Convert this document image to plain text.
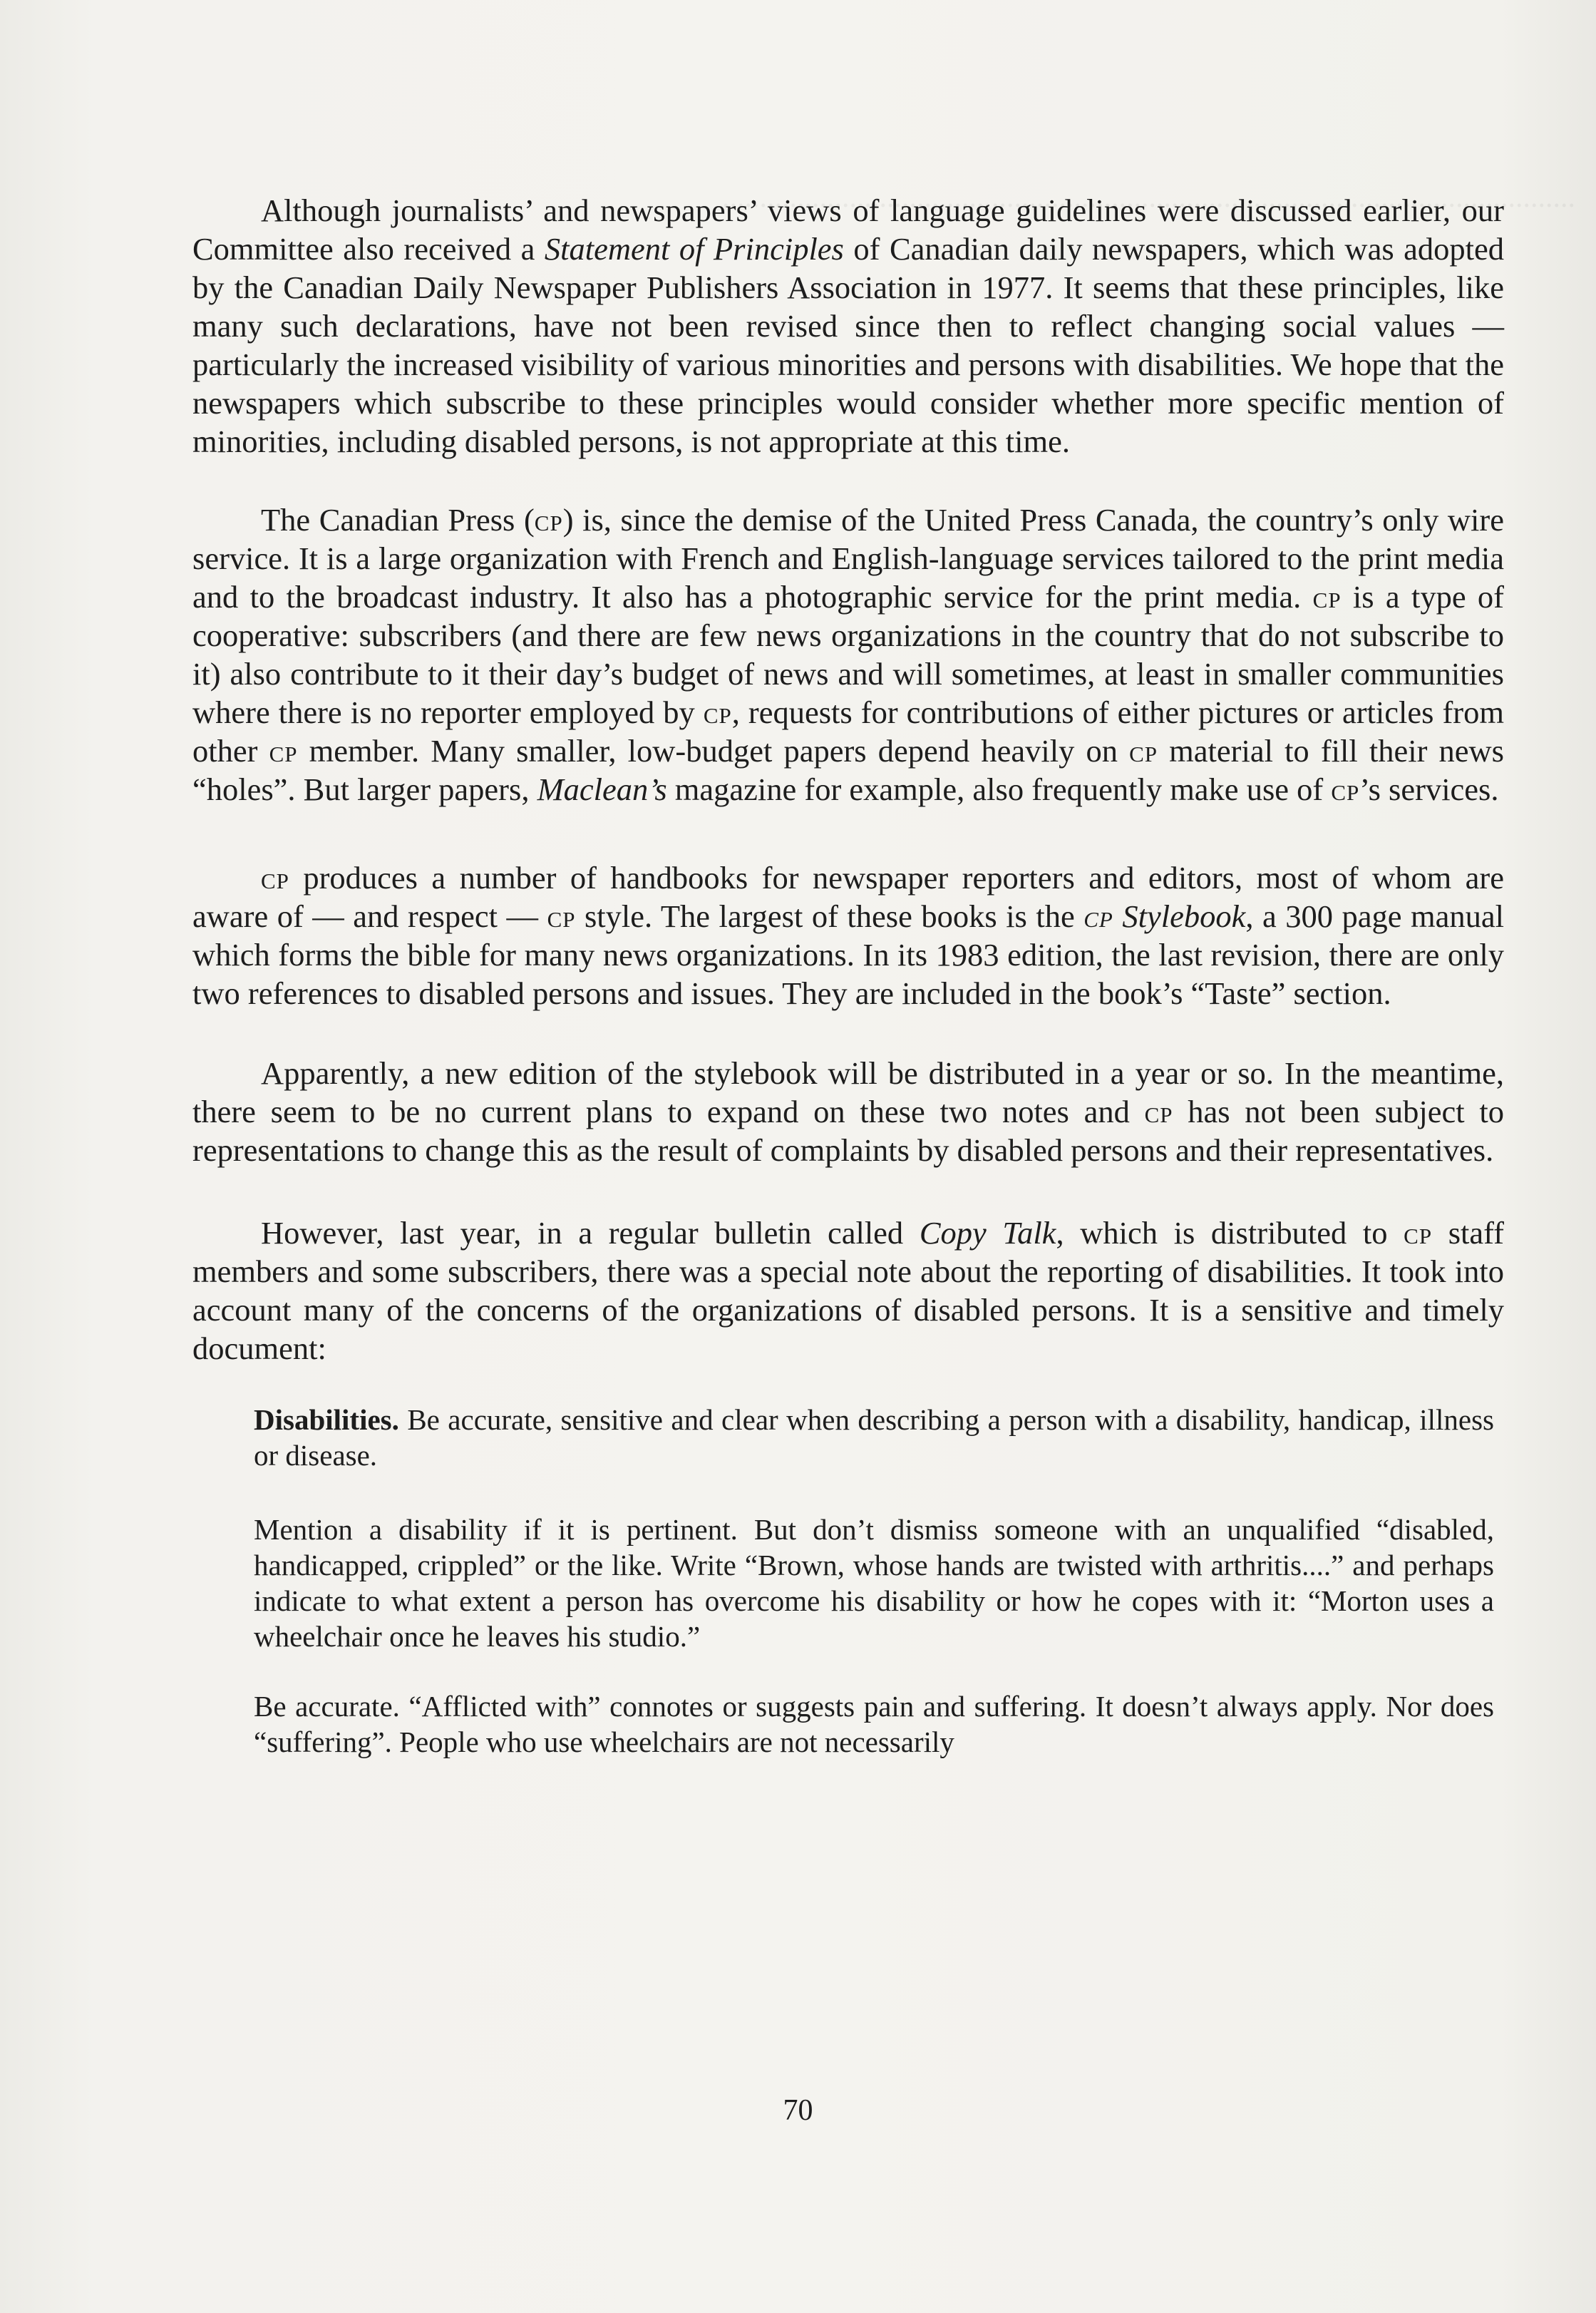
Although journalists’ and newspapers’ views of language guidelines were discussed earlier, our Committee also received a Statement of Principles of Canadian daily newspapers, which was adopted by the Canadian Daily Newspaper Publishers Association in 1977. It seems that these principles, like many such declarations, have not been revised since then to reflect changing social values — particularly the increased visibility of various minorities and persons with disabilities. We hope that the newspapers which subscribe to these principles would consider whether more specific mention of minorities, including disabled persons, is not appropriate at this time.

The Canadian Press (cp) is, since the demise of the United Press Canada, the country’s only wire service. It is a large organization with French and English-language services tailored to the print media and to the broadcast industry. It also has a photographic service for the print media. cp is a type of cooperative: subscribers (and there are few news organizations in the country that do not subscribe to it) also contribute to it their day’s budget of news and will sometimes, at least in smaller communities where there is no reporter employed by cp, requests for contributions of either pictures or articles from other cp member. Many smaller, low-budget papers depend heavily on cp material to fill their news “holes”. But larger papers, Maclean’s magazine for example, also frequently make use of cp’s services.

cp produces a number of handbooks for newspaper reporters and editors, most of whom are aware of — and respect — cp style. The largest of these books is the cp Stylebook, a 300 page manual which forms the bible for many news organizations. In its 1983 edition, the last revision, there are only two references to disabled persons and issues. They are included in the book’s “Taste” section.

Apparently, a new edition of the stylebook will be distributed in a year or so. In the meantime, there seem to be no current plans to expand on these two notes and cp has not been subject to representations to change this as the result of complaints by disabled persons and their representatives.

However, last year, in a regular bulletin called Copy Talk, which is distributed to cp staff members and some subscribers, there was a special note about the reporting of disabilities. It took into account many of the concerns of the organizations of disabled persons. It is a sensitive and timely document:

Disabilities. Be accurate, sensitive and clear when describing a person with a disability, handicap, illness or disease.

Mention a disability if it is pertinent. But don’t dismiss someone with an unqualified “disabled, handicapped, crippled” or the like. Write “Brown, whose hands are twisted with arthritis....” and perhaps indicate to what extent a person has overcome his disability or how he copes with it: “Morton uses a wheelchair once he leaves his studio.”

Be accurate. “Afflicted with” connotes or suggests pain and suffering. It doesn’t always apply. Nor does “suffering”. People who use wheelchairs are not necessarily

70
